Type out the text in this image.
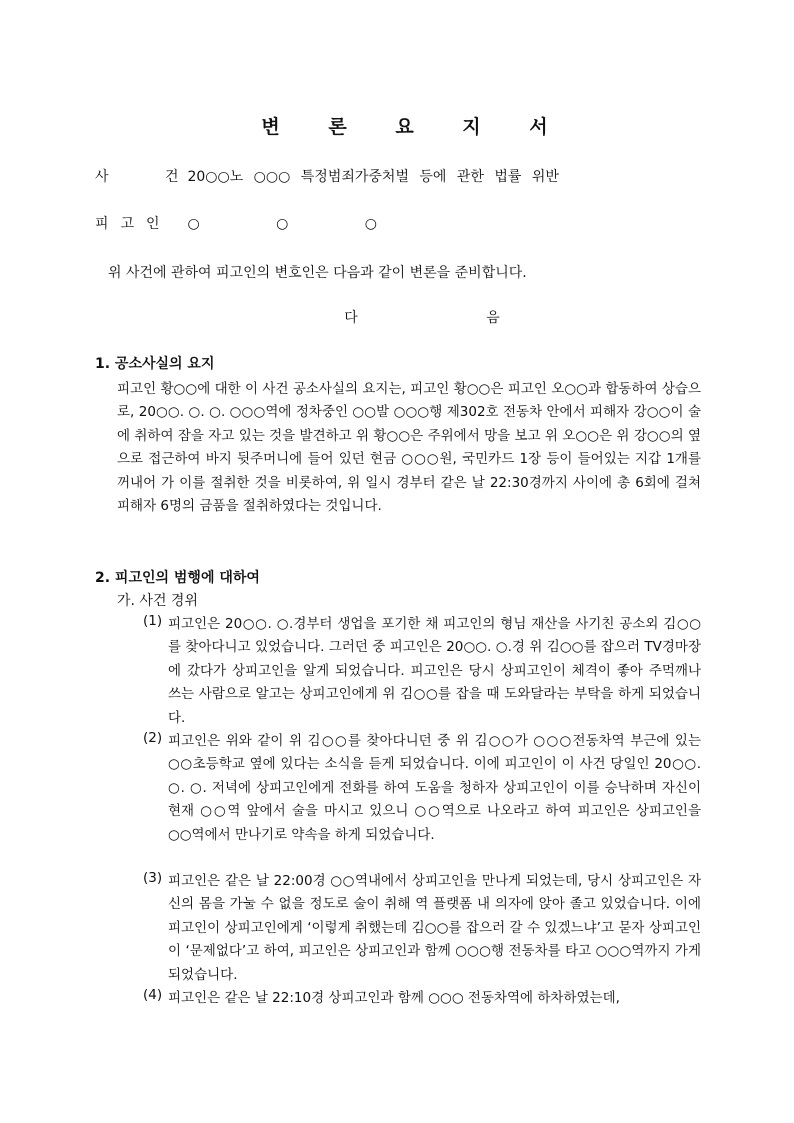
변 론 요 지 서
사 건 20○○노 ○○○ 특정범죄가중처벌 등에 관한 법률 위반
피고인 ○ ○ ○
위 사건에 관하여 피고인의 변호인은 다음과 같이 변론을 준비합니다.
다 음
1. 공소사실의 요지
피고인 황○○에 대한 이 사건 공소사실의 요지는, 피고인 황○○은 피고인 오○○과 합동하여 상습으로, 20○○. ○. ○. ○○○역에 정차중인 ○○발 ○○○행 제302호 전동차 안에서 피해자 강○○이 술에 취하여 잠을 자고 있는 것을 발견하고 위 황○○은 주위에서 망을 보고 위 오○○은 위 강○○의 옆으로 접근하여 바지 뒷주머니에 들어 있던 현금 ○○○원, 국민카드 1장 등이 들어있는 지갑 1개를 꺼내어 가 이를 절취한 것을 비롯하여, 위 일시 경부터 같은 날 22:30경까지 사이에 총 6회에 걸쳐 피해자 6명의 금품을 절취하였다는 것입니다.
2. 피고인의 범행에 대하여
가. 사건 경위
(1) 피고인은 20○○. ○.경부터 생업을 포기한 채 피고인의 형님 재산을 사기친 공소외 김○○를 찾아다니고 있었습니다. 그러던 중 피고인은 20○○. ○.경 위 김○○를 잡으러 TV경마장에 갔다가 상피고인을 알게 되었습니다. 피고인은 당시 상피고인이 체격이 좋아 주먹깨나 쓰는 사람으로 알고는 상피고인에게 위 김○○를 잡을 때 도와달라는 부탁을 하게 되었습니다.
(2) 피고인은 위와 같이 위 김○○를 찾아다니던 중 위 김○○가 ○○○전동차역 부근에 있는 ○○초등학교 옆에 있다는 소식을 듣게 되었습니다. 이에 피고인이 이 사건 당일인 20○○. ○. ○. 저녁에 상피고인에게 전화를 하여 도움을 청하자 상피고인이 이를 승낙하며 자신이 현재 ○○역 앞에서 술을 마시고 있으니 ○○역으로 나오라고 하여 피고인은 상피고인을 ○○역에서 만나기로 약속을 하게 되었습니다.
(3) 피고인은 같은 날 22:00경 ○○역내에서 상피고인을 만나게 되었는데, 당시 상피고인은 자신의 몸을 가눌 수 없을 정도로 술이 취해 역 플랫폼 내 의자에 앉아 졸고 있었습니다. 이에 피고인이 상피고인에게 ‘이렇게 취했는데 김○○를 잡으러 갈 수 있겠느냐’고 묻자 상피고인이 ‘문제없다’고 하여, 피고인은 상피고인과 함께 ○○○행 전동차를 타고 ○○○역까지 가게 되었습니다.
(4) 피고인은 같은 날 22:10경 상피고인과 함께 ○○○ 전동차역에 하차하였는데,
